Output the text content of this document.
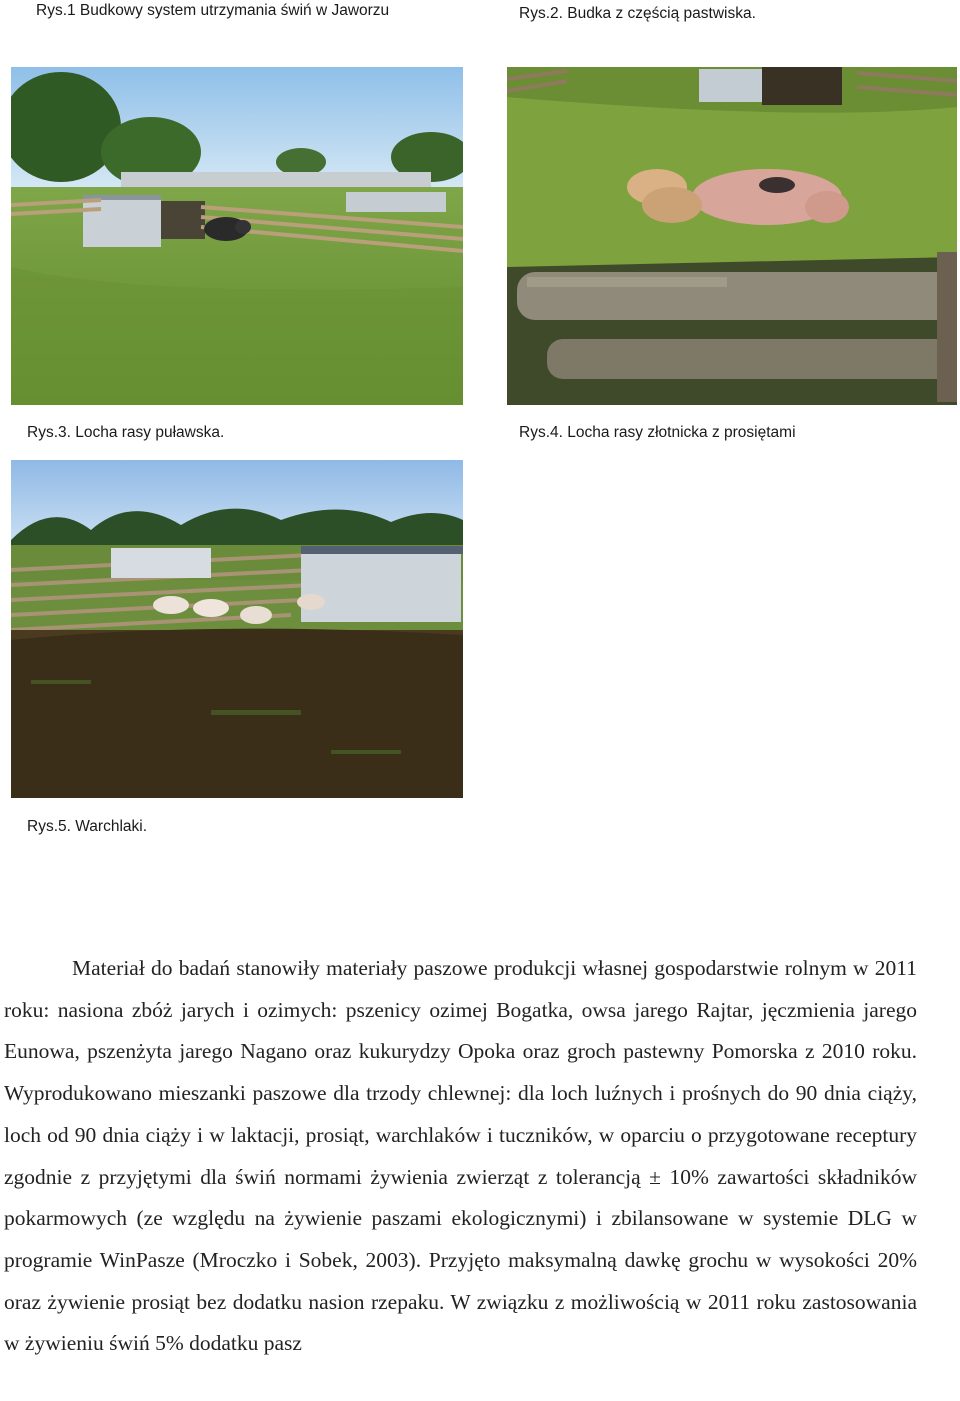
Rys.1 Budkowy system utrzymania świń w Jaworzu	Rys.2. Budka z częścią pastwiska.
Rys.3. Locha rasy puławska.	Rys.4. Locha rasy złotnicka z prosiętami
Rys.5. Warchlaki.

Materiał do badań stanowiły materiały paszowe produkcji własnej gospodarstwie rolnym w 2011 roku: nasiona zbóż jarych i ozimych: pszenicy ozimej Bogatka, owsa jarego Rajtar, jęczmienia jarego Eunowa, pszenżyta jarego Nagano oraz kukurydzy Opoka oraz groch pastewny Pomorska z 2010 roku. Wyprodukowano mieszanki paszowe dla trzody chlewnej: dla loch luźnych i prośnych do 90 dnia ciąży, loch od 90 dnia ciąży i w laktacji, prosiąt, warchlaków i tuczników, w oparciu o przygotowane receptury zgodnie z przyjętymi dla świń normami żywienia zwierząt z tolerancją ± 10% zawartości składników pokarmowych (ze względu na żywienie paszami ekologicznymi) i zbilansowane w systemie DLG w programie WinPasze (Mroczko i Sobek, 2003). Przyjęto maksymalną dawkę grochu w wysokości 20% oraz żywienie prosiąt bez dodatku nasion rzepaku. W związku z możliwością w 2011 roku zastosowania w żywieniu świń 5% dodatku pasz
